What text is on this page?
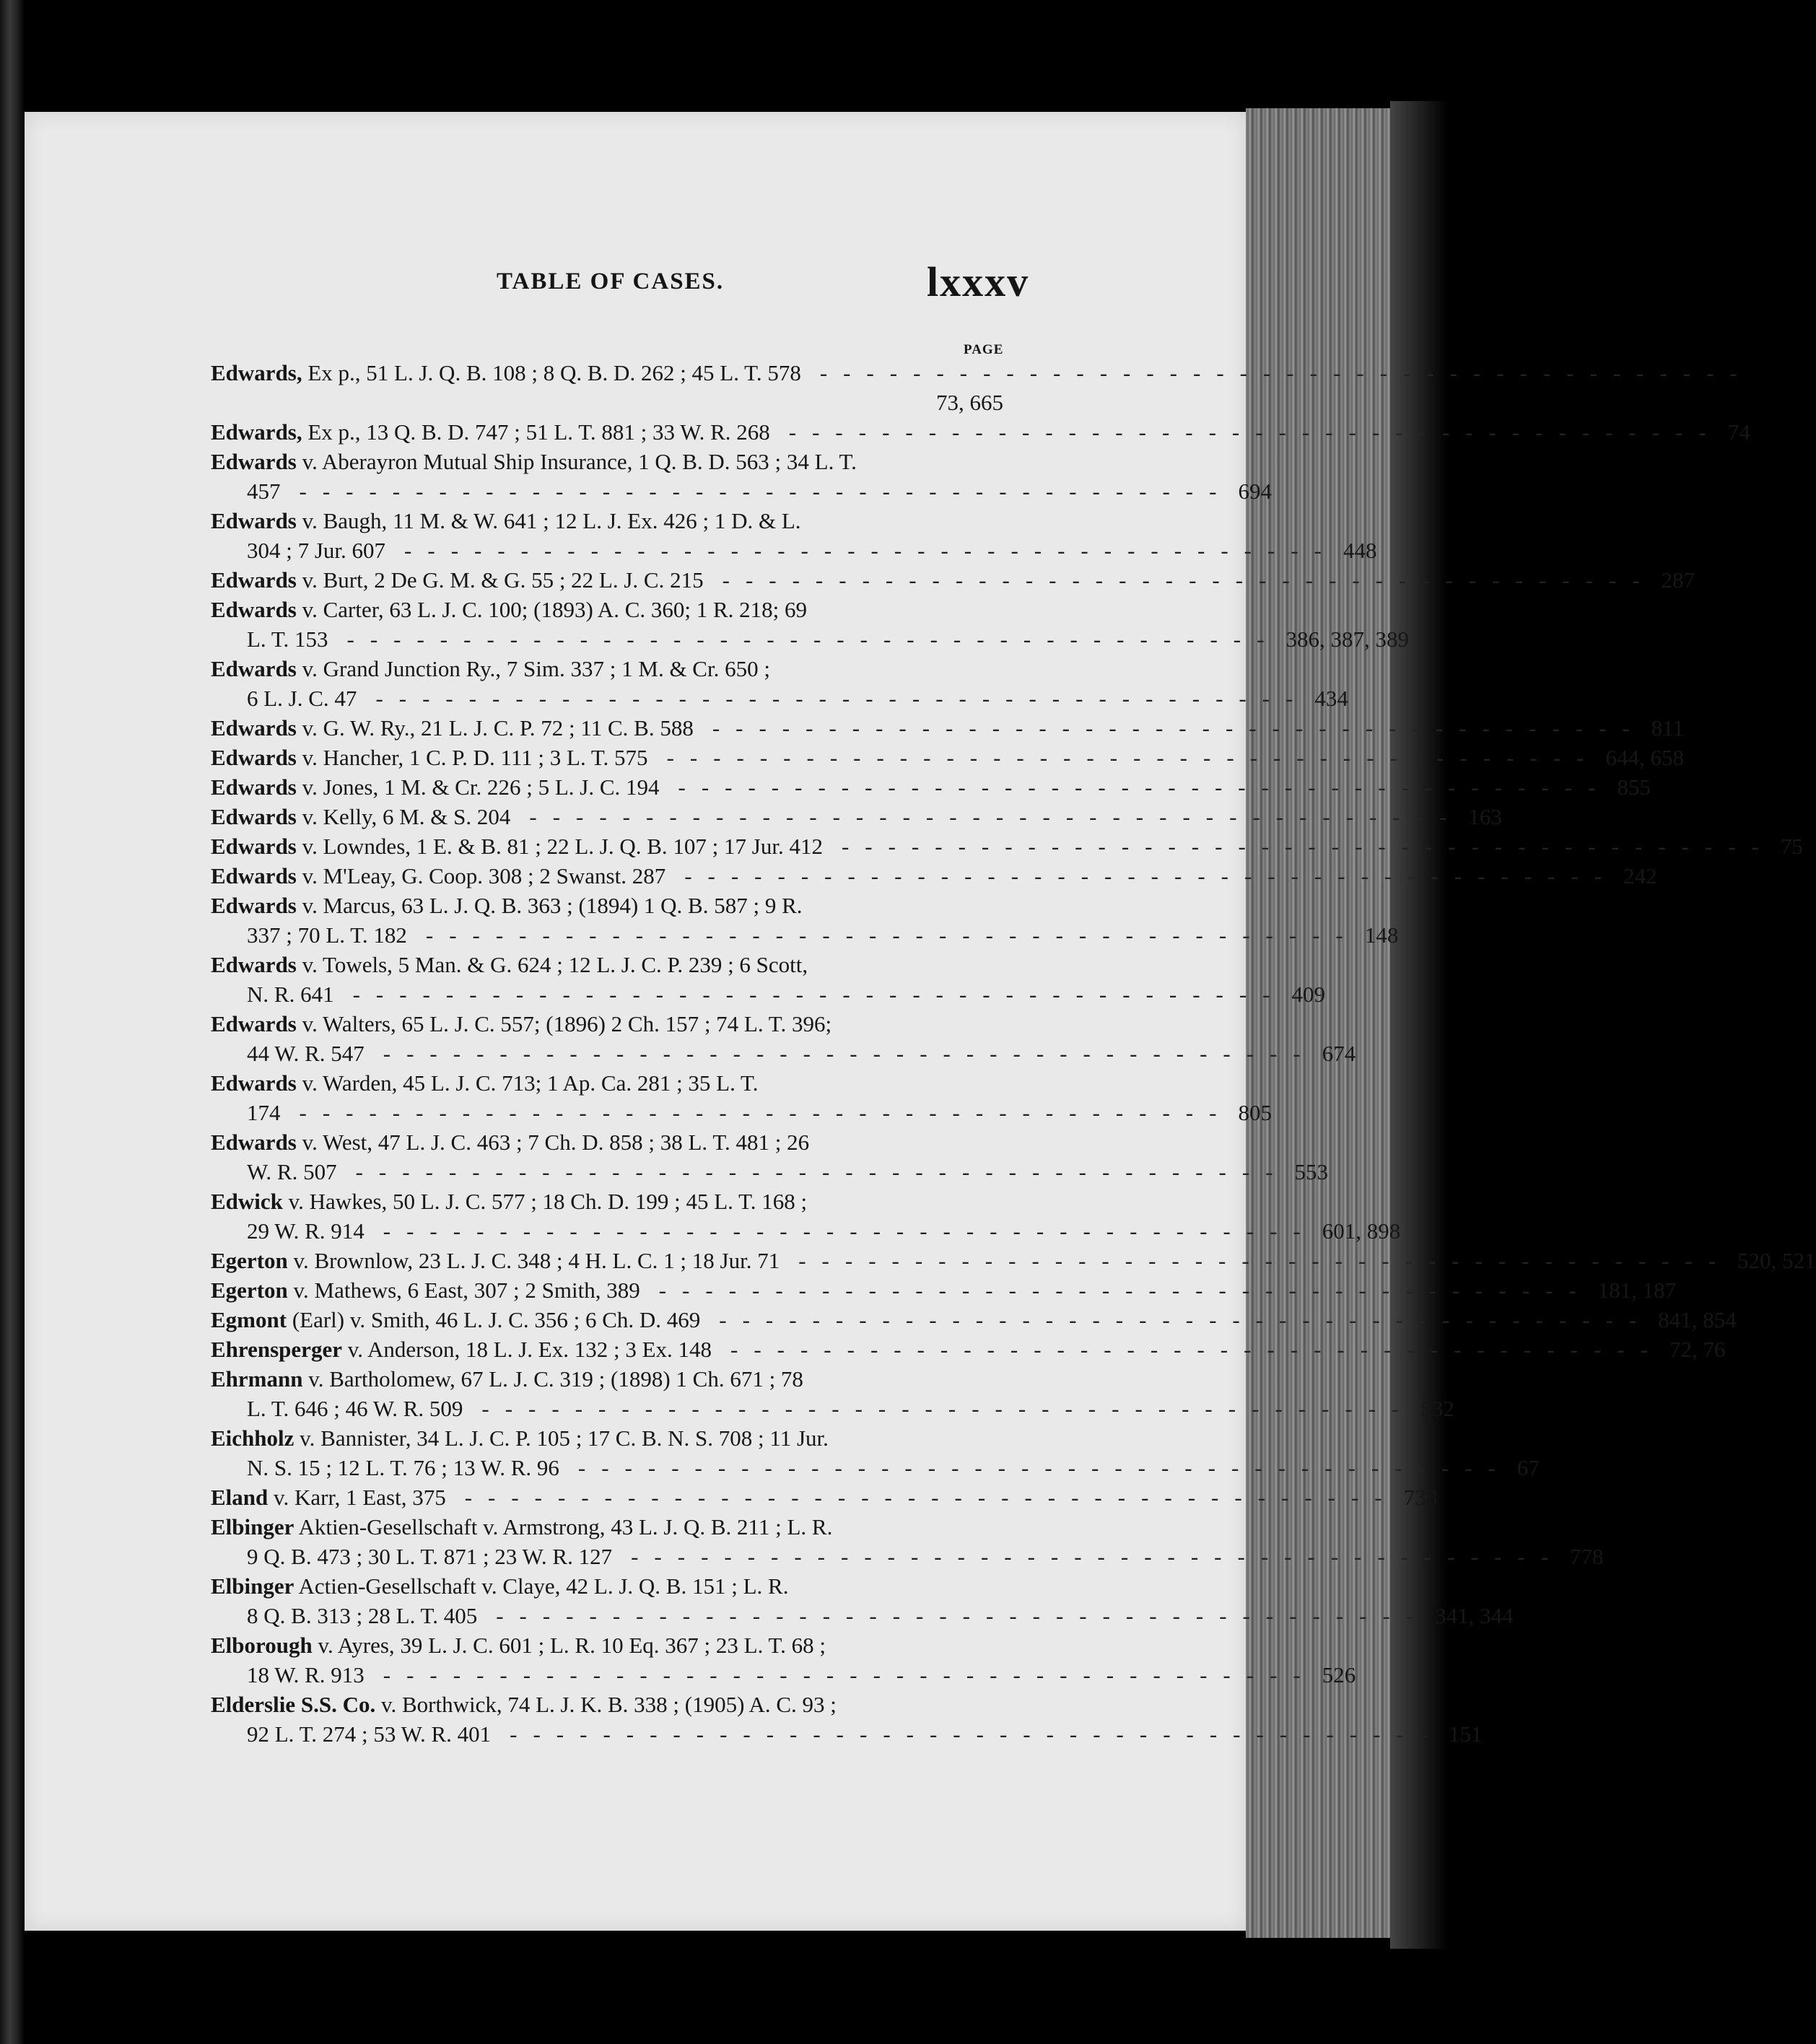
TABLE OF CASES.	lxxxv
PAGE
Edwards, Ex p., 51 L. J. Q. B. 108 ; 8 Q. B. D. 262 ; 45 L. T. 578 ----------------------------------------
73, 665
Edwards, Ex p., 13 Q. B. D. 747 ; 51 L. T. 881 ; 33 W. R. 268 ---------------------------------------- 74
Edwards v. Aberayron Mutual Ship Insurance, 1 Q. B. D. 563 ; 34 L. T.
457 ---------------------------------------- 694
Edwards v. Baugh, 11 M. & W. 641 ; 12 L. J. Ex. 426 ; 1 D. & L.
304 ; 7 Jur. 607 ---------------------------------------- 448
Edwards v. Burt, 2 De G. M. & G. 55 ; 22 L. J. C. 215 ---------------------------------------- 287
Edwards v. Carter, 63 L. J. C. 100; (1893) A. C. 360; 1 R. 218; 69
L. T. 153 ---------------------------------------- 386, 387, 389
Edwards v. Grand Junction Ry., 7 Sim. 337 ; 1 M. & Cr. 650 ;
6 L. J. C. 47 ---------------------------------------- 434
Edwards v. G. W. Ry., 21 L. J. C. P. 72 ; 11 C. B. 588 ---------------------------------------- 811
Edwards v. Hancher, 1 C. P. D. 111 ; 3 L. T. 575 ---------------------------------------- 644, 658
Edwards v. Jones, 1 M. & Cr. 226 ; 5 L. J. C. 194 ---------------------------------------- 855
Edwards v. Kelly, 6 M. & S. 204 ---------------------------------------- 163
Edwards v. Lowndes, 1 E. & B. 81 ; 22 L. J. Q. B. 107 ; 17 Jur. 412 ---------------------------------------- 75
Edwards v. M'Leay, G. Coop. 308 ; 2 Swanst. 287 ---------------------------------------- 242
Edwards v. Marcus, 63 L. J. Q. B. 363 ; (1894) 1 Q. B. 587 ; 9 R.
337 ; 70 L. T. 182 ---------------------------------------- 148
Edwards v. Towels, 5 Man. & G. 624 ; 12 L. J. C. P. 239 ; 6 Scott,
N. R. 641 ---------------------------------------- 409
Edwards v. Walters, 65 L. J. C. 557; (1896) 2 Ch. 157 ; 74 L. T. 396;
44 W. R. 547 ---------------------------------------- 674
Edwards v. Warden, 45 L. J. C. 713; 1 Ap. Ca. 281 ; 35 L. T.
174 ---------------------------------------- 805
Edwards v. West, 47 L. J. C. 463 ; 7 Ch. D. 858 ; 38 L. T. 481 ; 26
W. R. 507 ---------------------------------------- 553
Edwick v. Hawkes, 50 L. J. C. 577 ; 18 Ch. D. 199 ; 45 L. T. 168 ;
29 W. R. 914 ---------------------------------------- 601, 898
Egerton v. Brownlow, 23 L. J. C. 348 ; 4 H. L. C. 1 ; 18 Jur. 71 ---------------------------------------- 520, 521
Egerton v. Mathews, 6 East, 307 ; 2 Smith, 389 ---------------------------------------- 181, 187
Egmont (Earl) v. Smith, 46 L. J. C. 356 ; 6 Ch. D. 469 ---------------------------------------- 841, 854
Ehrensperger v. Anderson, 18 L. J. Ex. 132 ; 3 Ex. 148 ---------------------------------------- 72, 76
Ehrmann v. Bartholomew, 67 L. J. C. 319 ; (1898) 1 Ch. 671 ; 78
L. T. 646 ; 46 W. R. 509 ---------------------------------------- 532
Eichholz v. Bannister, 34 L. J. C. P. 105 ; 17 C. B. N. S. 708 ; 11 Jur.
N. S. 15 ; 12 L. T. 76 ; 13 W. R. 96 ---------------------------------------- 67
Eland v. Karr, 1 East, 375 ---------------------------------------- 738
Elbinger Aktien-Gesellschaft v. Armstrong, 43 L. J. Q. B. 211 ; L. R.
9 Q. B. 473 ; 30 L. T. 871 ; 23 W. R. 127 ---------------------------------------- 778
Elbinger Actien-Gesellschaft v. Claye, 42 L. J. Q. B. 151 ; L. R.
8 Q. B. 313 ; 28 L. T. 405 ---------------------------------------- 341, 344
Elborough v. Ayres, 39 L. J. C. 601 ; L. R. 10 Eq. 367 ; 23 L. T. 68 ;
18 W. R. 913 ---------------------------------------- 526
Elderslie S.S. Co. v. Borthwick, 74 L. J. K. B. 338 ; (1905) A. C. 93 ;
92 L. T. 274 ; 53 W. R. 401 ---------------------------------------- 151
